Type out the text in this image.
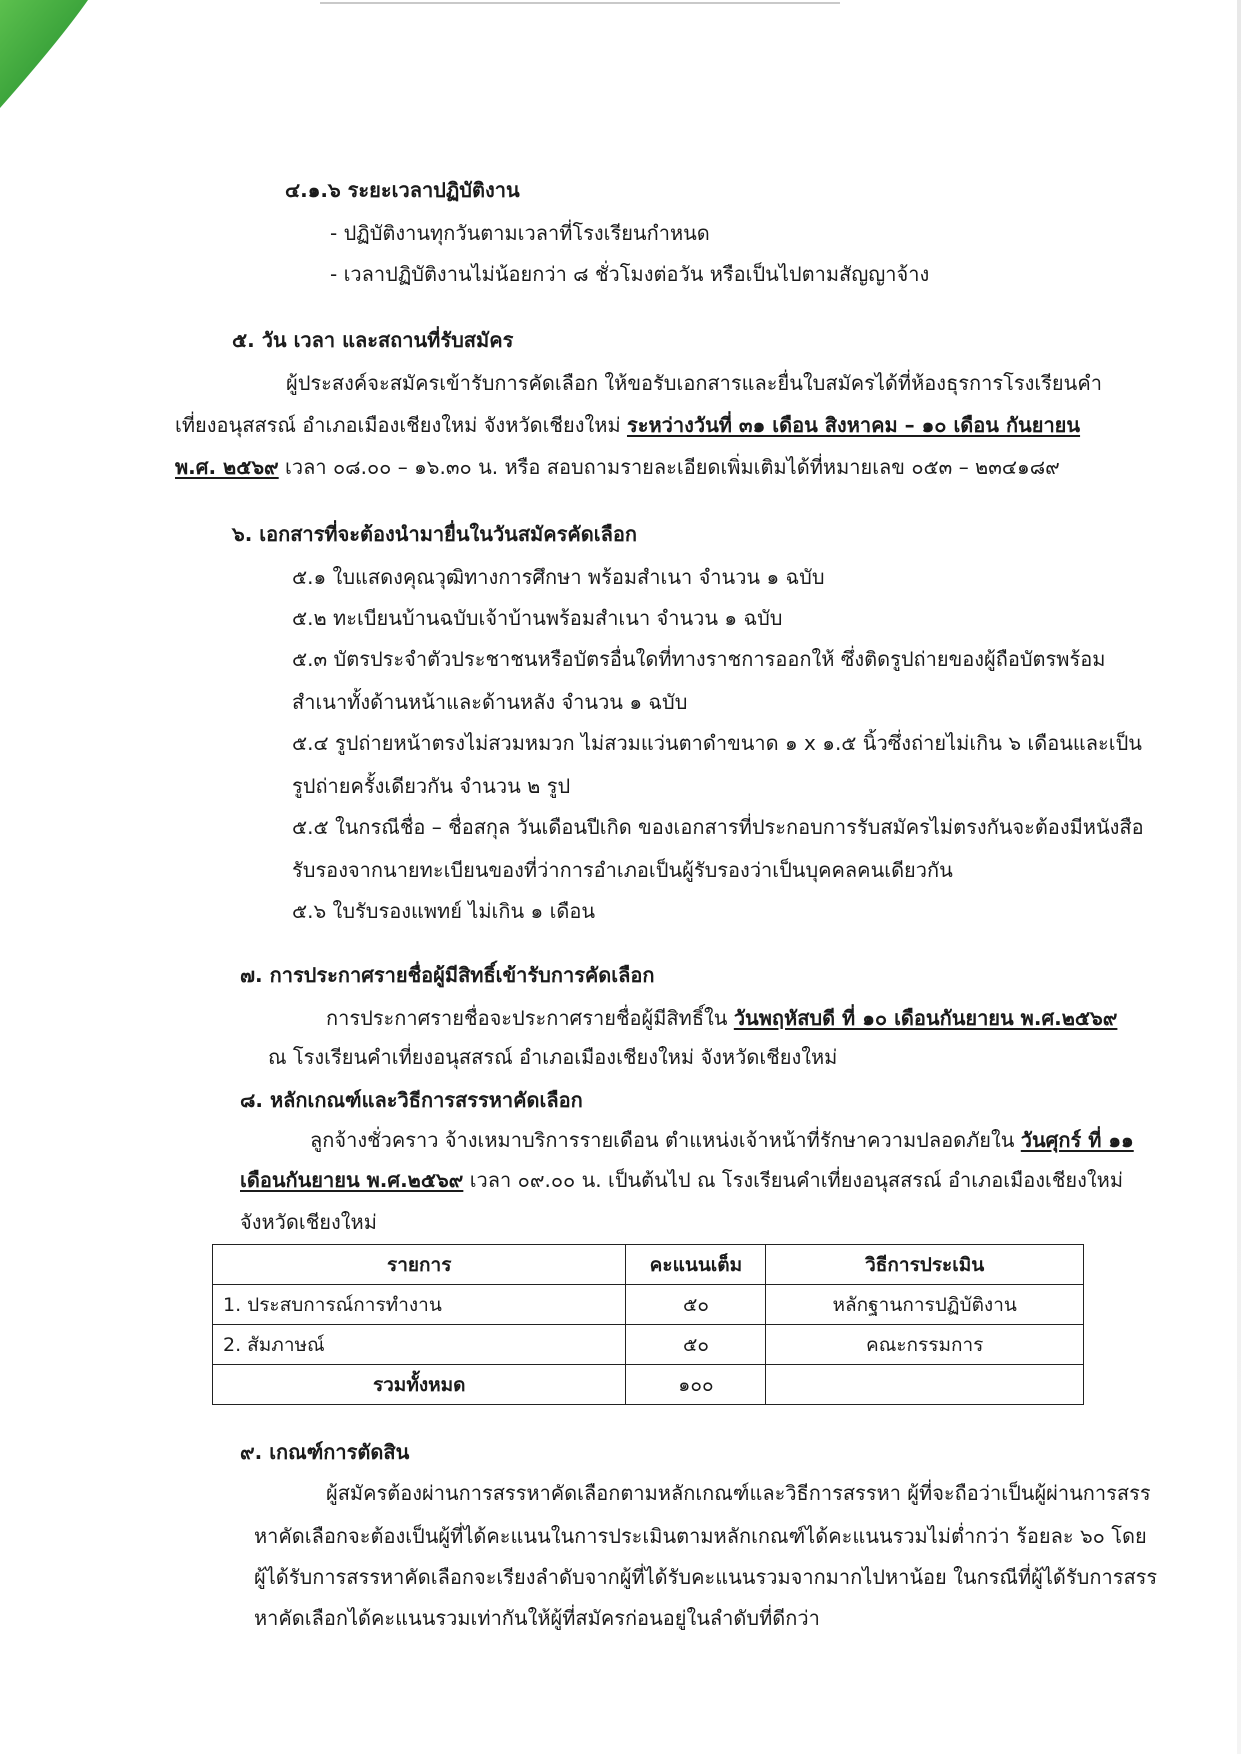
๔.๑.๖ ระยะเวลาปฏิบัติงาน
- ปฏิบัติงานทุกวันตามเวลาที่โรงเรียนกำหนด
- เวลาปฏิบัติงานไม่น้อยกว่า ๘ ชั่วโมงต่อวัน หรือเป็นไปตามสัญญาจ้าง
๕. วัน เวลา และสถานที่รับสมัคร
ผู้ประสงค์จะสมัครเข้ารับการคัดเลือก ให้ขอรับเอกสารและยื่นใบสมัครได้ที่ห้องธุรการโรงเรียนคำ
เที่ยงอนุสสรณ์ อำเภอเมืองเชียงใหม่ จังหวัดเชียงใหม่ ระหว่างวันที่ ๓๑ เดือน สิงหาคม – ๑๐ เดือน กันยายน
พ.ศ. ๒๕๖๙ เวลา ๐๘.๐๐ – ๑๖.๓๐ น. หรือ สอบถามรายละเอียดเพิ่มเติมได้ที่หมายเลข ๐๕๓ – ๒๓๔๑๘๙
๖. เอกสารที่จะต้องนำมายื่นในวันสมัครคัดเลือก
๕.๑ ใบแสดงคุณวุฒิทางการศึกษา พร้อมสำเนา จำนวน ๑ ฉบับ
๕.๒ ทะเบียนบ้านฉบับเจ้าบ้านพร้อมสำเนา จำนวน ๑ ฉบับ
๕.๓ บัตรประจำตัวประชาชนหรือบัตรอื่นใดที่ทางราชการออกให้ ซึ่งติดรูปถ่ายของผู้ถือบัตรพร้อม
สำเนาทั้งด้านหน้าและด้านหลัง จำนวน ๑ ฉบับ
๕.๔ รูปถ่ายหน้าตรงไม่สวมหมวก ไม่สวมแว่นตาดำขนาด ๑ x ๑.๕ นิ้วซึ่งถ่ายไม่เกิน ๖ เดือนและเป็น
รูปถ่ายครั้งเดียวกัน จำนวน ๒ รูป
๕.๕ ในกรณีชื่อ – ชื่อสกุล วันเดือนปีเกิด ของเอกสารที่ประกอบการรับสมัครไม่ตรงกันจะต้องมีหนังสือ
รับรองจากนายทะเบียนของที่ว่าการอำเภอเป็นผู้รับรองว่าเป็นบุคคลคนเดียวกัน
๕.๖ ใบรับรองแพทย์ ไม่เกิน ๑ เดือน
๗. การประกาศรายชื่อผู้มีสิทธิ์เข้ารับการคัดเลือก
การประกาศรายชื่อจะประกาศรายชื่อผู้มีสิทธิ์ใน วันพฤหัสบดี ที่ ๑๐ เดือนกันยายน พ.ศ.๒๕๖๙
ณ โรงเรียนคำเที่ยงอนุสสรณ์ อำเภอเมืองเชียงใหม่ จังหวัดเชียงใหม่
๘. หลักเกณฑ์และวิธีการสรรหาคัดเลือก
ลูกจ้างชั่วคราว จ้างเหมาบริการรายเดือน ตำแหน่งเจ้าหน้าที่รักษาความปลอดภัยใน วันศุกร์ ที่ ๑๑
เดือนกันยายน พ.ศ.๒๕๖๙ เวลา ๐๙.๐๐ น. เป็นต้นไป ณ โรงเรียนคำเที่ยงอนุสสรณ์ อำเภอเมืองเชียงใหม่
จังหวัดเชียงใหม่
รายการ	คะแนนเต็ม	วิธีการประเมิน
1. ประสบการณ์การทำงาน	๕๐	หลักฐานการปฏิบัติงาน
2. สัมภาษณ์	๕๐	คณะกรรมการ
รวมทั้งหมด	๑๐๐	
๙. เกณฑ์การตัดสิน
ผู้สมัครต้องผ่านการสรรหาคัดเลือกตามหลักเกณฑ์และวิธีการสรรหา ผู้ที่จะถือว่าเป็นผู้ผ่านการสรร
หาคัดเลือกจะต้องเป็นผู้ที่ได้คะแนนในการประเมินตามหลักเกณฑ์ได้คะแนนรวมไม่ต่ำกว่า ร้อยละ ๖๐ โดย
ผู้ได้รับการสรรหาคัดเลือกจะเรียงลำดับจากผู้ที่ได้รับคะแนนรวมจากมากไปหาน้อย ในกรณีที่ผู้ได้รับการสรร
หาคัดเลือกได้คะแนนรวมเท่ากันให้ผู้ที่สมัครก่อนอยู่ในลำดับที่ดีกว่า
